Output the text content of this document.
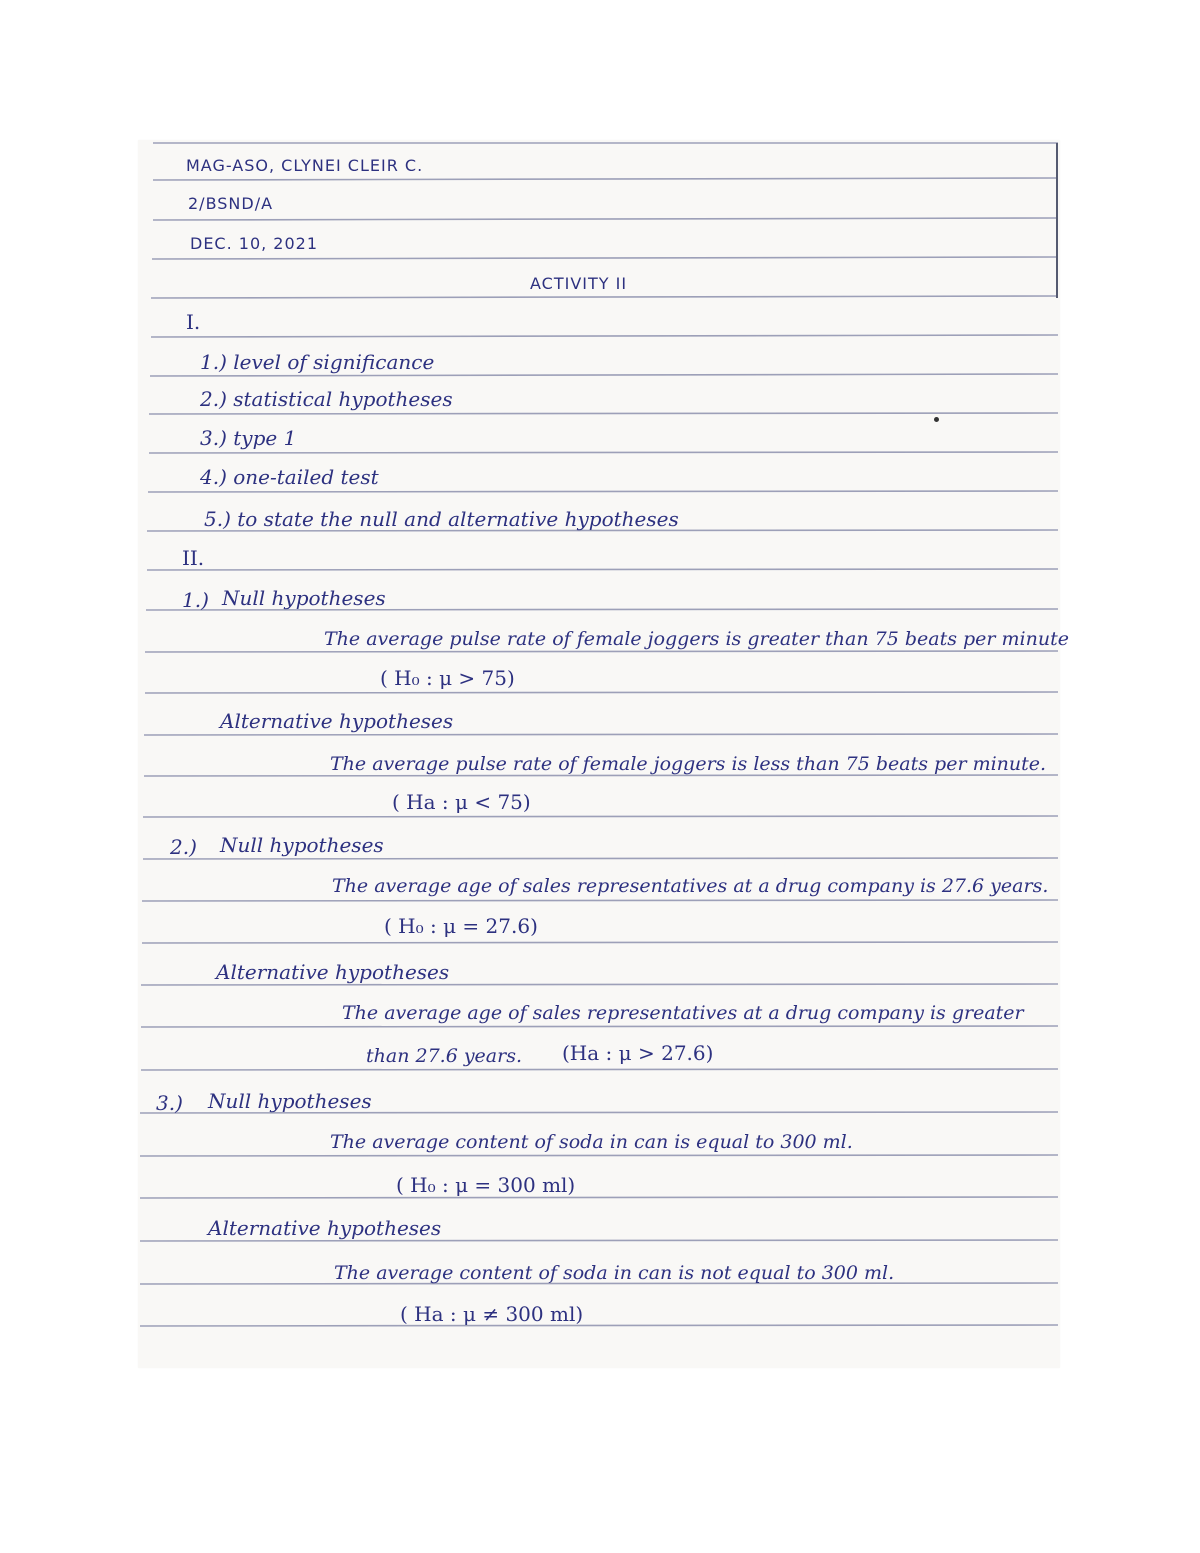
MAG-ASO, CLYNEI CLEIR C.
2/BSND/A
DEC. 10, 2021
ACTIVITY II
I.
1.) level of significance
2.) statistical hypotheses
3.) type 1
4.) one-tailed test
5.) to state the null and alternative hypotheses
II.
1.) Null hypotheses
The average pulse rate of female joggers is greater than 75 beats per minute
( H₀ : μ > 75)
Alternative hypotheses
The average pulse rate of female joggers is less than 75 beats per minute.
( Ha : μ < 75)
2.) Null hypotheses
The average age of sales representatives at a drug company is 27.6 years.
( H₀ : μ = 27.6)
Alternative hypotheses
The average age of sales representatives at a drug company is greater
than 27.6 years. (Ha : μ > 27.6)
3.) Null hypotheses
The average content of soda in can is equal to 300 ml.
( H₀ : μ = 300 ml)
Alternative hypotheses
The average content of soda in can is not equal to 300 ml.
( Ha : μ ≠ 300 ml)
